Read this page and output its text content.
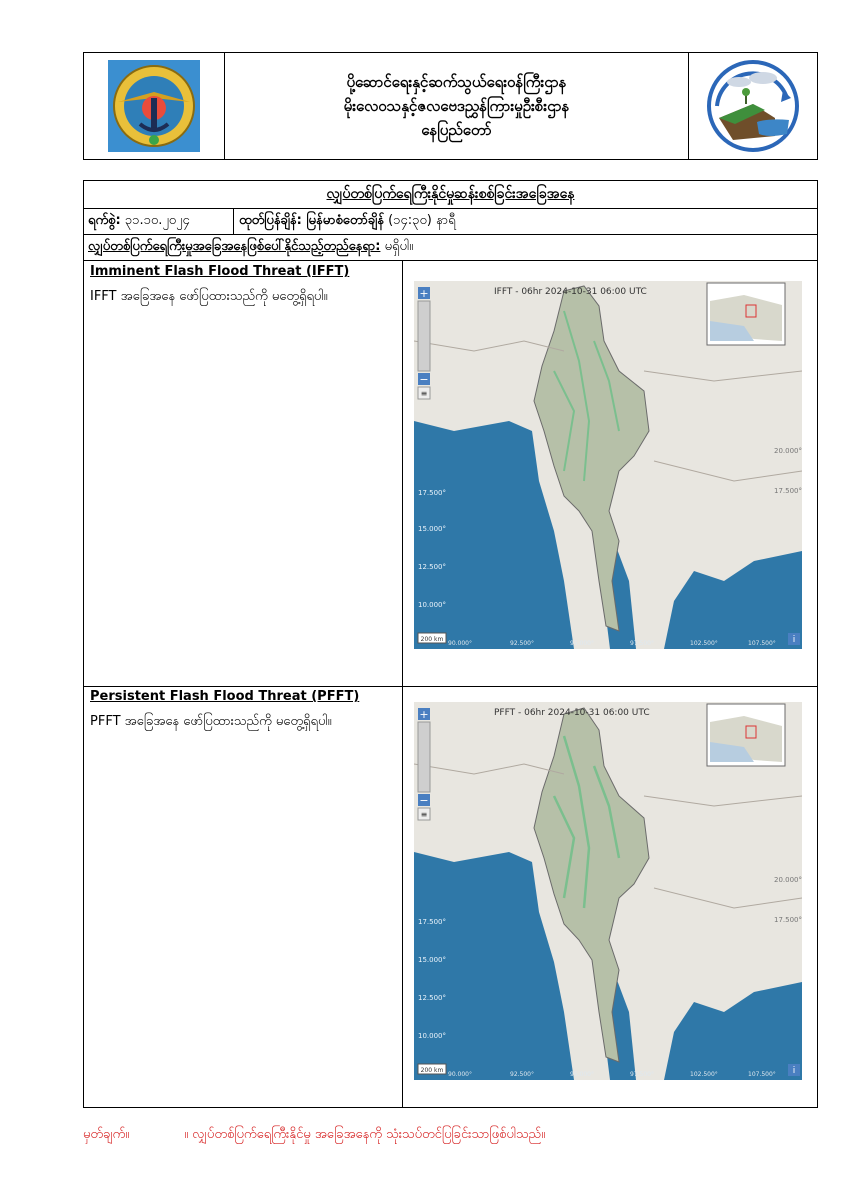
ပို့ဆောင်ရေးနှင့်ဆက်သွယ်ရေးဝန်ကြီးဌာန
မိုးလေဝသနှင့်ဇလဗေဒညွှန်ကြားမှုဦးစီးဌာန
နေပြည်တော်
လျှပ်တစ်ပြက်ရေကြီးနိုင်မှုဆန်းစစ်ခြင်းအခြေအနေ
ရက်စွဲ:
၃၁.၁၀.၂၀၂၄	ထုတ်ပြန်ချိန်: မြန်မာစံတော်ချိန် (၁၄:၃၀) နာရီ
လျှပ်တစ်ပြက်ရေကြီးမှုအခြေအနေဖြစ်ပေါ်နိုင်သည့်တည်နေရာ:
မရှိပါ။
Imminent Flash Flood Threat (IFFT)
IFFT အခြေအနေ ဖော်ပြထားသည်ကို မတွေ့ရှိရပါ။	+
−
≡
IFFT - 06hr 2024-10-31 06:00 UTC
17.500°
15.000°
12.500°
10.000°
20.000°
17.500°
90.000°	92.500°	95.000°	97.500°	102.500°	107.500°
200 km	i
Persistent Flash Flood Threat (PFFT)
PFFT အခြေအနေ ဖော်ပြထားသည်ကို မတွေ့ရှိရပါ။	+
−
≡
PFFT - 06hr 2024-10-31 06:00 UTC
17.500°
15.000°
12.500°
10.000°
20.000°
17.500°
90.000°	92.500°	95.000°	97.500°	102.500°	107.500°
200 km	i
မှတ်ချက်။	။ လျှပ်တစ်ပြက်ရေကြီးနိုင်မှု အခြေအနေကို သုံးသပ်တင်ပြခြင်းသာဖြစ်ပါသည်။
